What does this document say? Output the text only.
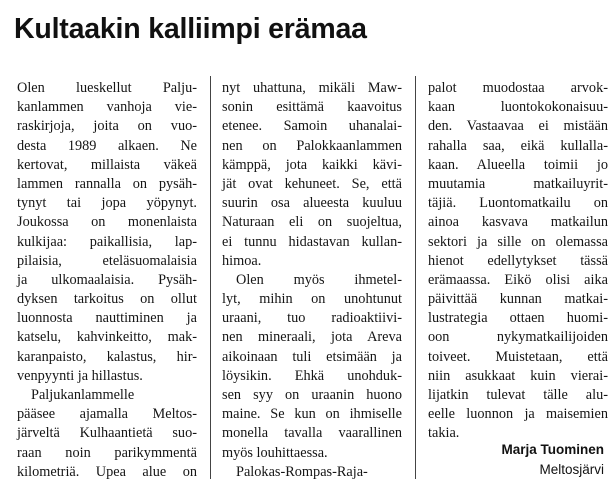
Kultaakin kalliimpi erämaa
Olen lueskellut Palju-
kanlammen vanhoja vie-
raskirjoja, joita on vuo-
desta 1989 alkaen. Ne
kertovat, millaista väkeä
lammen rannalla on pysäh-
tynyt tai jopa yöpynyt.
Joukossa on monenlaista
kulkijaa: paikallisia, lap-
pilaisia, eteläsuomalaisia
ja ulkomaalaisia. Pysäh-
dyksen tarkoitus on ollut
luonnosta nauttiminen ja
katselu, kahvinkeitto, mak-
karanpaisto, kalastus, hir-
venpyynti ja hillastus.
Paljukanlammelle
pääsee ajamalla Meltos-
järveltä Kulhaantietä suo-
raan noin parikymmentä
kilometriä. Upea alue on
nyt uhattuna, mikäli Maw-
sonin esittämä kaavoitus
etenee. Samoin uhanalai-
nen on Palokkaanlammen
kämppä, jota kaikki kävi-
jät ovat kehuneet. Se, että
suurin osa alueesta kuuluu
Naturaan eli on suojeltua,
ei tunnu hidastavan kullan-
himoa.
Olen myös ihmetel-
lyt, mihin on unohtunut
uraani, tuo radioaktiivi-
nen mineraali, jota Areva
aikoinaan tuli etsimään ja
löysikin. Ehkä unohduk-
sen syy on uraanin huono
maine. Se kun on ihmiselle
monella tavalla vaarallinen
myös louhittaessa.
Palokas-Rompas-Raja-
palot muodostaa arvok-
kaan luontokokonaisuu-
den. Vastaavaa ei mistään
rahalla saa, eikä kullalla-
kaan. Alueella toimii jo
muutamia matkailuyrit-
täjiä. Luontomatkailu on
ainoa kasvava matkailun
sektori ja sille on olemassa
hienot edellytykset tässä
erämaassa. Eikö olisi aika
päivittää kunnan matkai-
lustrategia ottaen huomi-
oon nykymatkailijoiden
toiveet. Muistetaan, että
niin asukkaat kuin vierai-
lijatkin tulevat tälle alu-
eelle luonnon ja maisemien
takia.
Marja Tuominen
Meltosjärvi
